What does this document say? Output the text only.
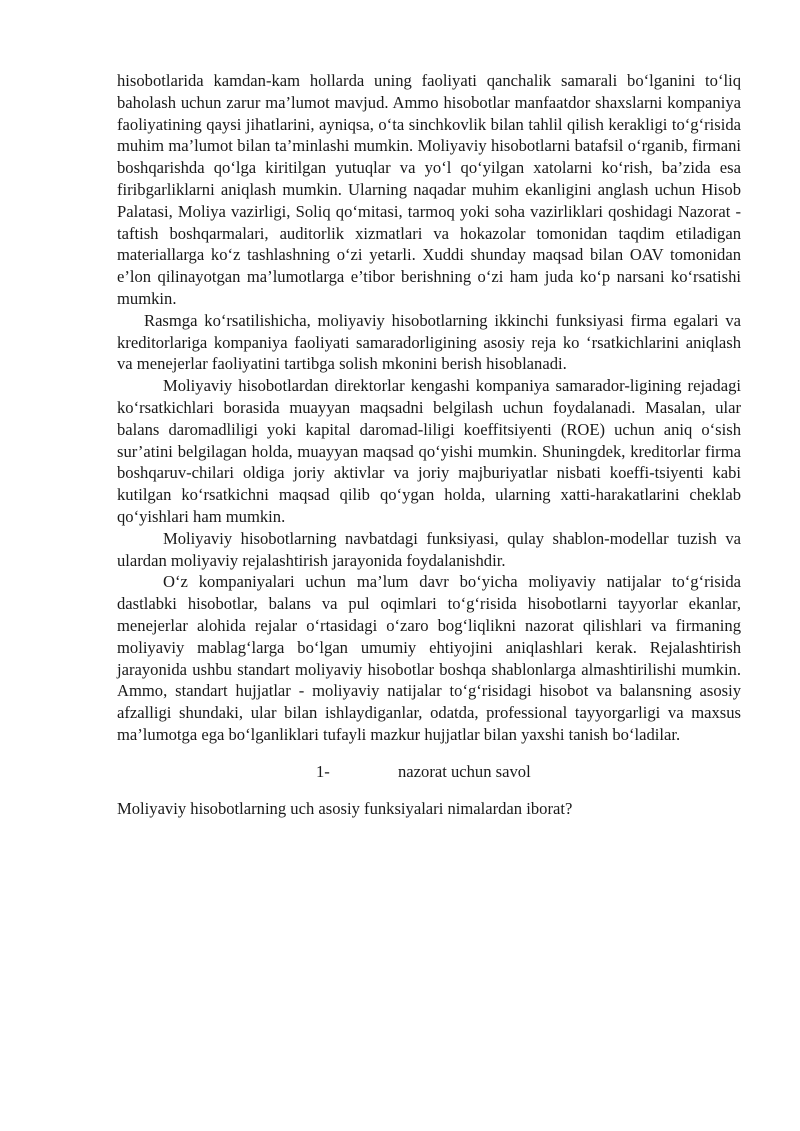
hisobotlarida kamdan-kam hollarda uning faoliyati qanchalik samarali bo‘lganini to‘liq baholash uchun zarur ma’lumot mavjud. Ammo hisobotlar manfaatdor shaxslarni kompaniya faoliyatining qaysi jihatlarini, ayniqsa, o‘ta sinchkovlik bilan tahlil qilish kerakligi to‘g‘risida muhim ma’lumot bilan ta’minlashi mumkin. Moliyaviy hisobotlarni batafsil o‘rganib, firmani boshqarishda qo‘lga kiritilgan yutuqlar va yo‘l qo‘yilgan xatolarni ko‘rish, ba’zida esa firibgarliklarni aniqlash mumkin. Ularning naqadar muhim ekanligini anglash uchun Hisob Palatasi, Moliya vazirligi, Soliq qo‘mitasi, tarmoq yoki soha vazirliklari qoshidagi Nazorat - taftish boshqarmalari, auditorlik xizmatlari va hokazolar tomonidan taqdim etiladigan materiallarga ko‘z tashlashning o‘zi yetarli. Xuddi shunday maqsad bilan OAV tomonidan e’lon qilinayotgan ma’lumotlarga e’tibor berishning o‘zi ham juda ko‘p narsani ko‘rsatishi mumkin.

Rasmga ko‘rsatilishicha, moliyaviy hisobotlarning ikkinchi funksiyasi firma egalari va kreditorlariga kompaniya faoliyati samaradorligining asosiy reja ko ‘rsatkichlarini aniqlash va menejerlar faoliyatini tartibga solish mkonini berish hisoblanadi.

Moliyaviy hisobotlardan direktorlar kengashi kompaniya samarador-ligining rejadagi ko‘rsatkichlari borasida muayyan maqsadni belgilash uchun foydalanadi. Masalan, ular balans daromadliligi yoki kapital daromad-liligi koeffitsiyenti (ROE) uchun aniq o‘sish sur’atini belgilagan holda, muayyan maqsad qo‘yishi mumkin. Shuningdek, kreditorlar firma boshqaruv-chilari oldiga joriy aktivlar va joriy majburiyatlar nisbati koeffi-tsiyenti kabi kutilgan ko‘rsatkichni maqsad qilib qo‘ygan holda, ularning xatti-harakatlarini cheklab qo‘yishlari ham mumkin.

Moliyaviy hisobotlarning navbatdagi funksiyasi, qulay shablon-modellar tuzish va ulardan moliyaviy rejalashtirish jarayonida foydalanishdir.

O‘z kompaniyalari uchun ma’lum davr bo‘yicha moliyaviy natijalar to‘g‘risida dastlabki hisobotlar, balans va pul oqimlari to‘g‘risida hisobotlarni tayyorlar ekanlar, menejerlar alohida rejalar o‘rtasidagi o‘zaro bog‘liqlikni nazorat qilishlari va firmaning moliyaviy mablag‘larga bo‘lgan umumiy ehtiyojini aniqlashlari kerak. Rejalashtirish jarayonida ushbu standart moliyaviy hisobotlar boshqa shablonlarga almashtirilishi mumkin. Ammo, standart hujjatlar - moliyaviy natijalar to‘g‘risidagi hisobot va balansning asosiy afzalligi shundaki, ular bilan ishlaydiganlar, odatda, professional tayyorgarligi va maxsus ma’lumotga ega bo‘lganliklari tufayli mazkur hujjatlar bilan yaxshi tanish bo‘ladilar.

1-	nazorat uchun savol

Moliyaviy hisobotlarning uch asosiy funksiyalari nimalardan iborat?
